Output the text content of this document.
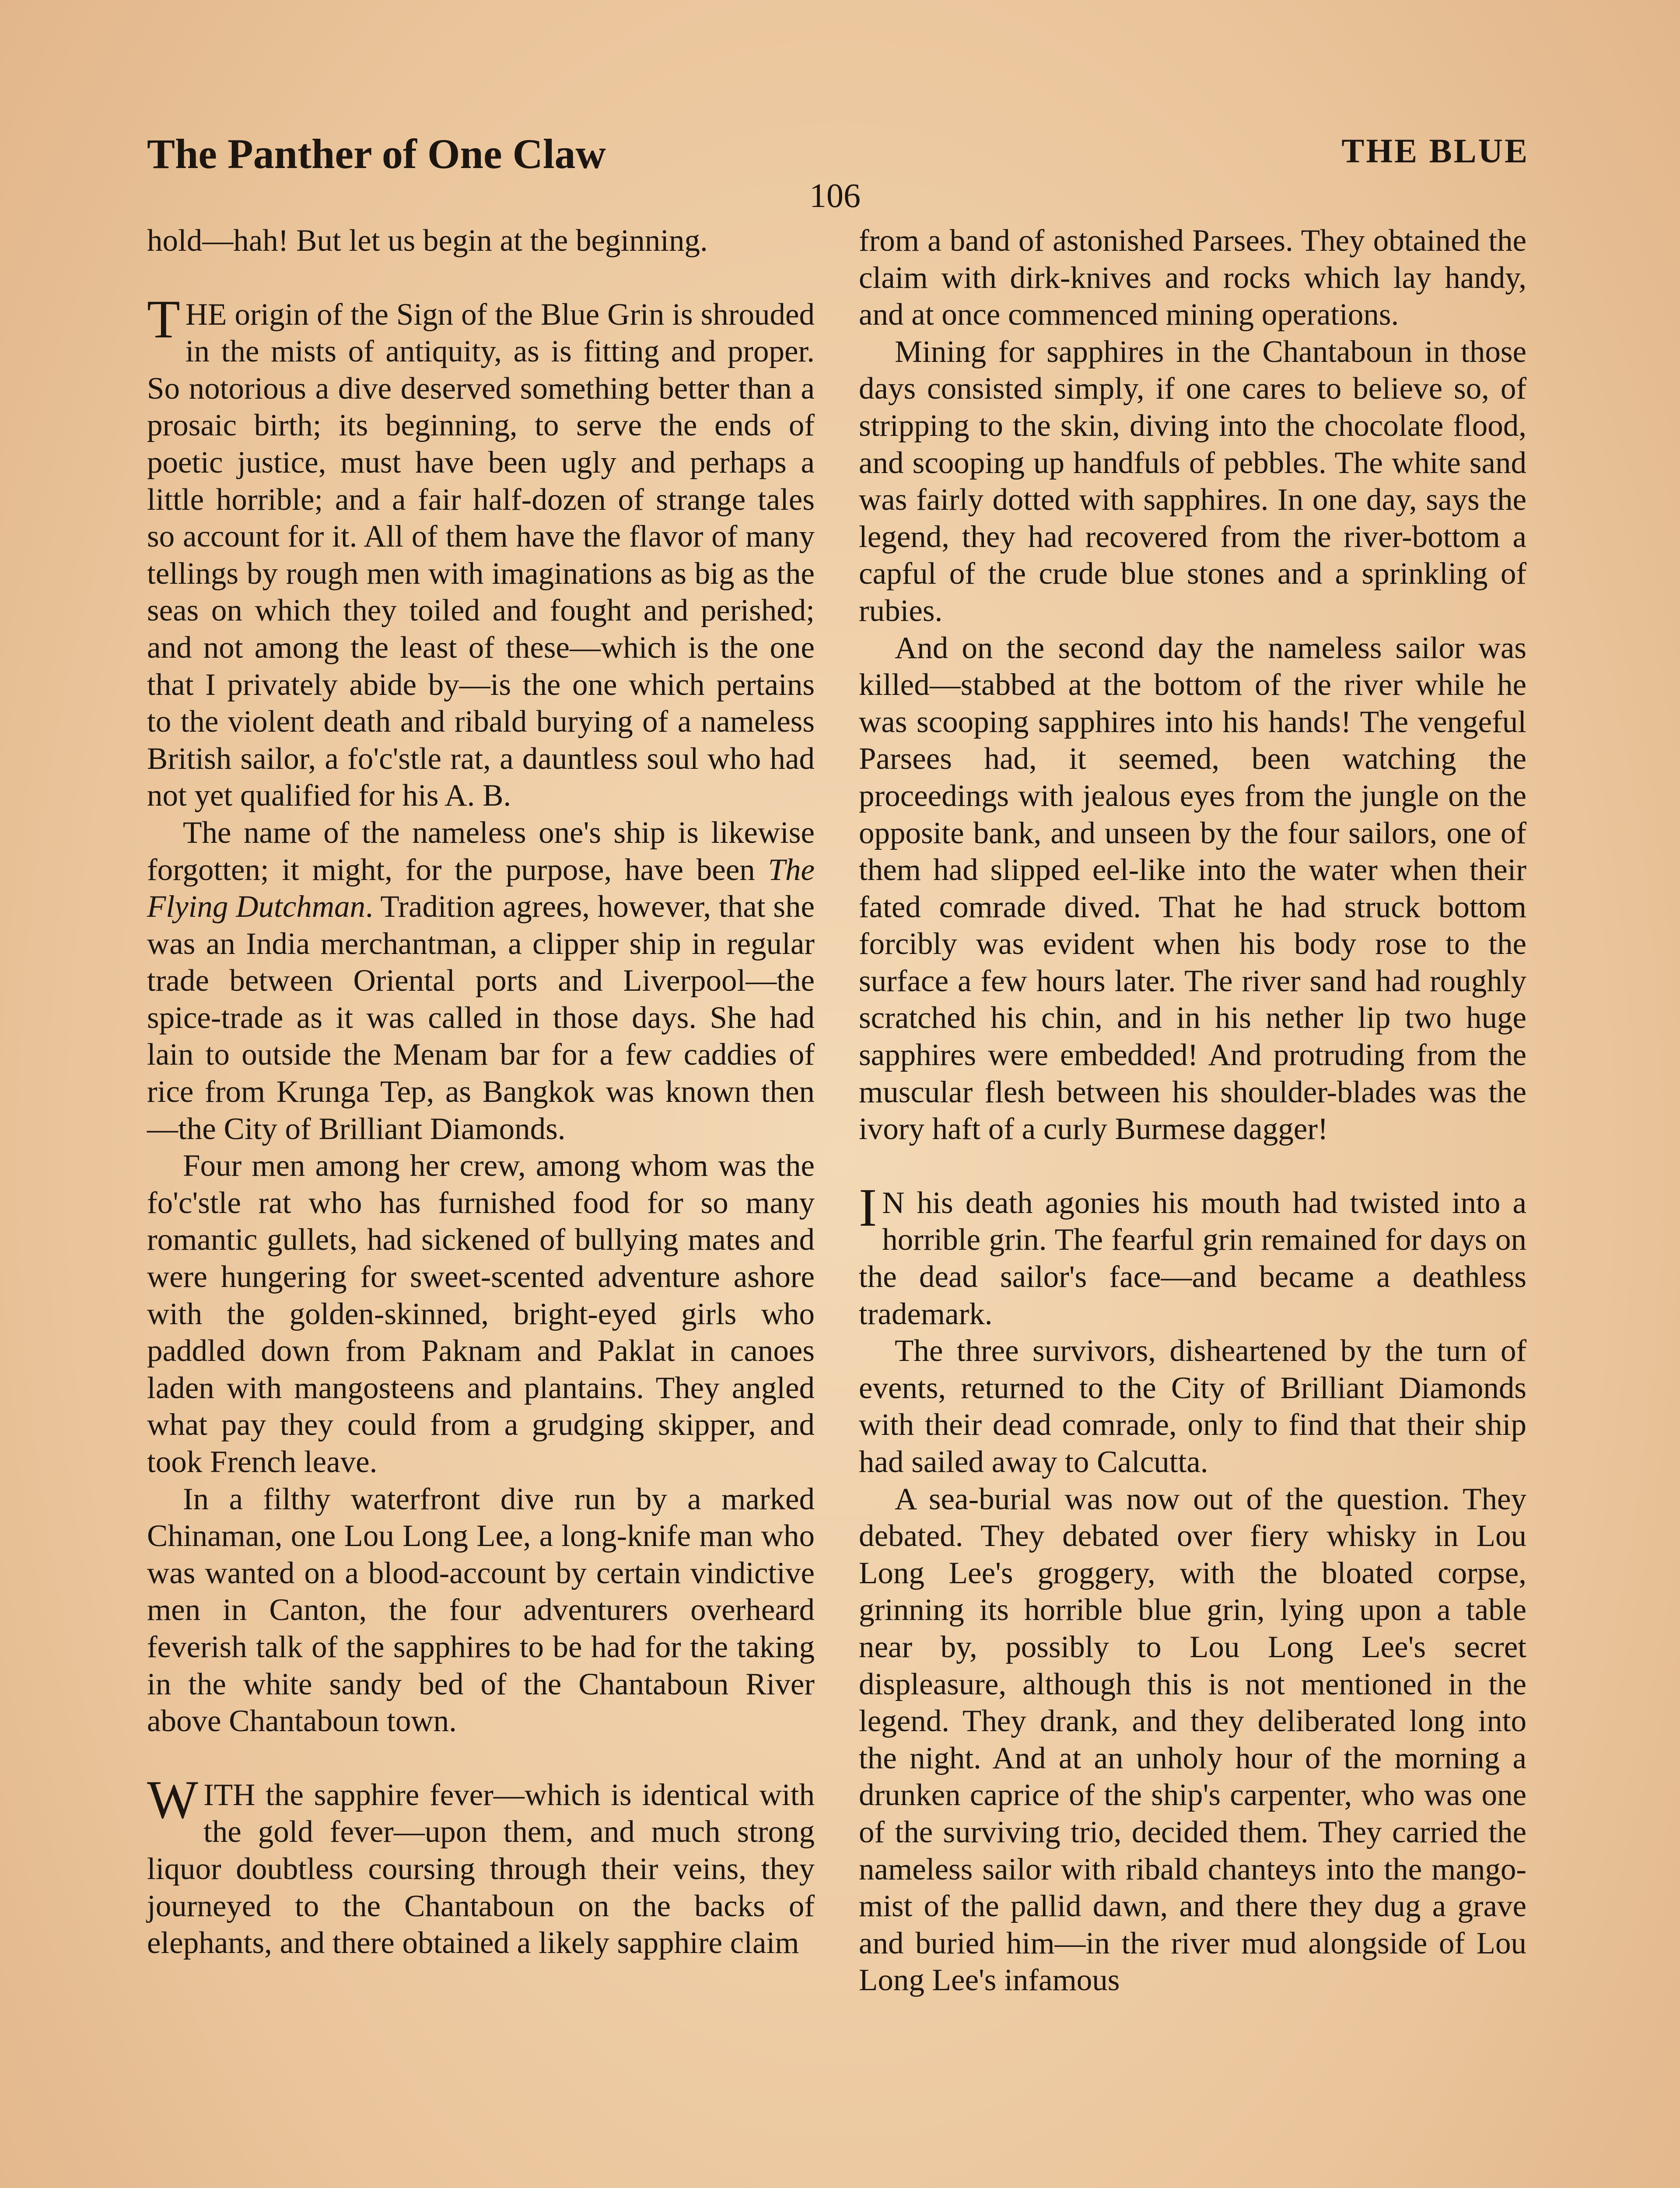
The Panther of One Claw	THE BLUE
106

hold—hah! But let us begin at the beginning.

THE origin of the Sign of the Blue Grin is shrouded in the mists of antiquity, as is fitting and proper. So notorious a dive deserved something better than a prosaic birth; its beginning, to serve the ends of poetic justice, must have been ugly and perhaps a little horrible; and a fair half-dozen of strange tales so account for it. All of them have the flavor of many tellings by rough men with imaginations as big as the seas on which they toiled and fought and perished; and not among the least of these—which is the one that I privately abide by—is the one which pertains to the violent death and ribald burying of a nameless British sailor, a fo'c'stle rat, a dauntless soul who had not yet qualified for his A. B.

The name of the nameless one's ship is likewise forgotten; it might, for the purpose, have been The Flying Dutchman. Tradition agrees, however, that she was an India merchantman, a clipper ship in regular trade between Oriental ports and Liverpool—the spice-trade as it was called in those days. She had lain to outside the Menam bar for a few caddies of rice from Krunga Tep, as Bangkok was known then—the City of Brilliant Diamonds.

Four men among her crew, among whom was the fo'c'stle rat who has furnished food for so many romantic gullets, had sickened of bullying mates and were hungering for sweet-scented adventure ashore with the golden-skinned, bright-eyed girls who paddled down from Paknam and Paklat in canoes laden with mangosteens and plantains. They angled what pay they could from a grudging skipper, and took French leave.

In a filthy waterfront dive run by a marked Chinaman, one Lou Long Lee, a long-knife man who was wanted on a blood-account by certain vindictive men in Canton, the four adventurers overheard feverish talk of the sapphires to be had for the taking in the white sandy bed of the Chantaboun River above Chantaboun town.

WITH the sapphire fever—which is identical with the gold fever—upon them, and much strong liquor doubtless coursing through their veins, they journeyed to the Chantaboun on the backs of elephants, and there obtained a likely sapphire claim

from a band of astonished Parsees. They obtained the claim with dirk-knives and rocks which lay handy, and at once commenced mining operations.

Mining for sapphires in the Chantaboun in those days consisted simply, if one cares to believe so, of stripping to the skin, diving into the chocolate flood, and scooping up handfuls of pebbles. The white sand was fairly dotted with sapphires. In one day, says the legend, they had recovered from the river-bottom a capful of the crude blue stones and a sprinkling of rubies.

And on the second day the nameless sailor was killed—stabbed at the bottom of the river while he was scooping sapphires into his hands! The vengeful Parsees had, it seemed, been watching the proceedings with jealous eyes from the jungle on the opposite bank, and unseen by the four sailors, one of them had slipped eel-like into the water when their fated comrade dived. That he had struck bottom forcibly was evident when his body rose to the surface a few hours later. The river sand had roughly scratched his chin, and in his nether lip two huge sapphires were embedded! And protruding from the muscular flesh between his shoulder-blades was the ivory haft of a curly Burmese dagger!

I N his death agonies his mouth had twisted into a horrible grin. The fearful grin remained for days on the dead sailor's face—and became a deathless trademark.

The three survivors, disheartened by the turn of events, returned to the City of Brilliant Diamonds with their dead comrade, only to find that their ship had sailed away to Calcutta.

A sea-burial was now out of the question. They debated. They debated over fiery whisky in Lou Long Lee's groggery, with the bloated corpse, grinning its horrible blue grin, lying upon a table near by, possibly to Lou Long Lee's secret displeasure, although this is not mentioned in the legend. They drank, and they deliberated long into the night. And at an unholy hour of the morning a drunken caprice of the ship's carpenter, who was one of the surviving trio, decided them. They carried the nameless sailor with ribald chanteys into the mango-mist of the pallid dawn, and there they dug a grave and buried him—in the river mud alongside of Lou Long Lee's infamous
